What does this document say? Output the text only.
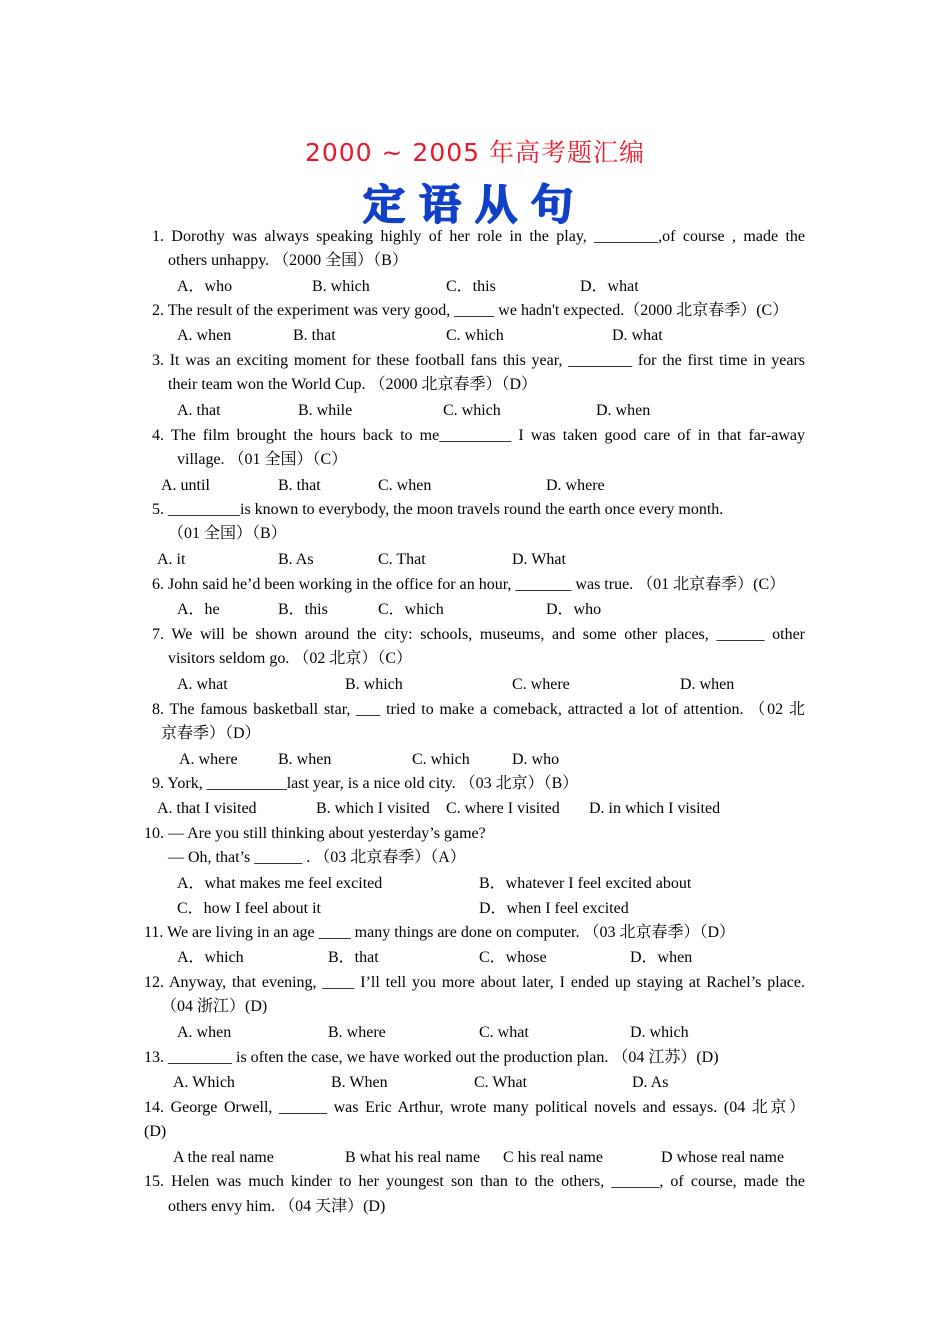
2000 ~ 2005 年高考题汇编
定语从句
1. Dorothy was always speaking highly of her role in the play, ________,of course , made the
others unhappy. （2000 全国）（B）
A．who	B. which	C．this	D．what
2. The result of the experiment was very good, _____ we hadn't expected.（2000 北京春季）(C）
A. when	B. that	C. which	D. what
3. It was an exciting moment for these football fans this year, ________ for the first time in years
their team won the World Cup. （2000 北京春季）（D）
A. that	B. while	C. which	D. when
4. The film brought the hours back to me_________ I was taken good care of in that far-away
village. （01 全国）（C）
A. until	B. that	C. when	D. where
5. _________is known to everybody, the moon travels round the earth once every month.
（01 全国）（B）
A. it	B. As	C. That	D. What
6. John said he’d been working in the office for an hour, _______ was true. （01 北京春季）(C）
A．he	B．this	C．which	D．who
7. We will be shown around the city: schools, museums, and some other places, ______ other
visitors seldom go. （02 北京）（C）
A. what	B. which	C. where	D. when
8. The famous basketball star, ___ tried to make a comeback, attracted a lot of attention. （02 北
京春季）（D）
A. where	B. when	C. which	D. who
9. York, __________last year, is a nice old city. （03 北京）（B）
A. that I visited	B. which I visited C. where I visited D. in which I visited
10. — Are you still thinking about yesterday’s game?
— Oh, that’s ______ . （03 北京春季）（A）
A．what makes me feel excited	B．whatever I feel excited about
C．how I feel about it	D．when I feel excited
11. We are living in an age ____ many things are done on computer. （03 北京春季）（D）
A．which	B．that	C．whose	D．when
12. Anyway, that evening, ____ I’ll tell you more about later, I ended up staying at Rachel’s place.
（04 浙江）(D)
A. when	B. where	C. what	D. which
13. ________ is often the case, we have worked out the production plan. （04 江苏）(D)
A. Which	B. When	C. What	D. As
14. George Orwell, ______ was Eric Arthur, wrote many political novels and essays. (04 北京）
(D)
A the real name	B what his real name C his real name	D whose real name
15. Helen was much kinder to her youngest son than to the others, ______, of course, made the
others envy him. （04 天津）(D)
